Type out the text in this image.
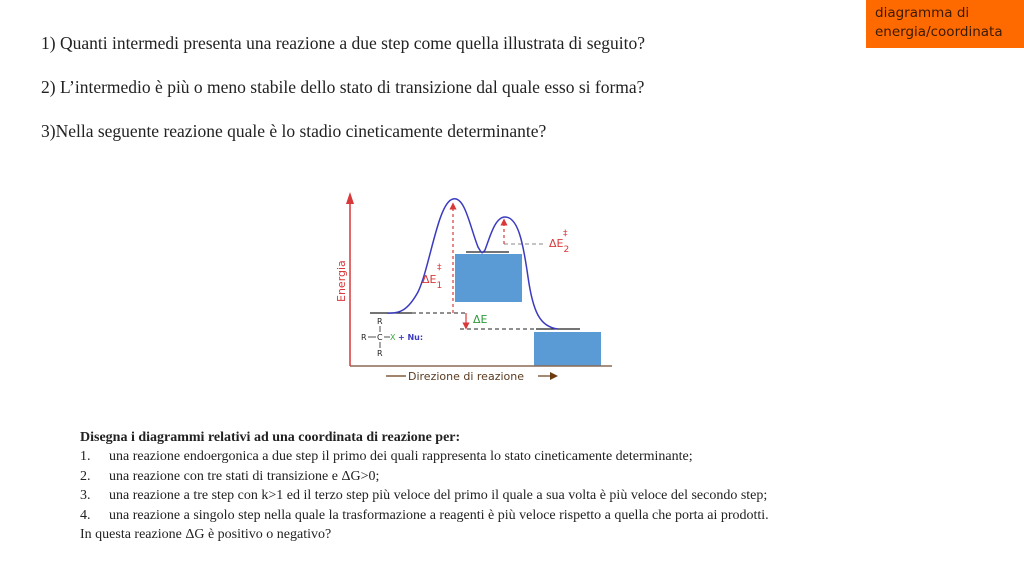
diagramma di
energia/coordinata
1) Quanti intermedi presenta una reazione a due step come quella illustrata di seguito?
2) L’intermedio è più o meno stabile dello stato di transizione dal quale esso si forma?
3)Nella seguente reazione quale è lo stadio cineticamente determinante?
Energia	$\Delta E_1$
‡
$\Delta E_2$
‡
ΔE
R
R C X + Nu:
R
Direzione di reazione
Disegna i diagrammi relativi ad una coordinata di reazione per:
1.	una reazione endoergonica a due step il primo dei quali rappresenta lo stato cineticamente determinante;
2.	una reazione con tre stati di transizione e ΔG>0;
3.	una reazione a tre step con k>1 ed il terzo step più veloce del primo il quale a sua volta è più veloce del secondo step;
4.	una reazione a singolo step nella quale la trasformazione a reagenti è più veloce rispetto a quella che porta ai prodotti.
In questa reazione ΔG è positivo o negativo?
